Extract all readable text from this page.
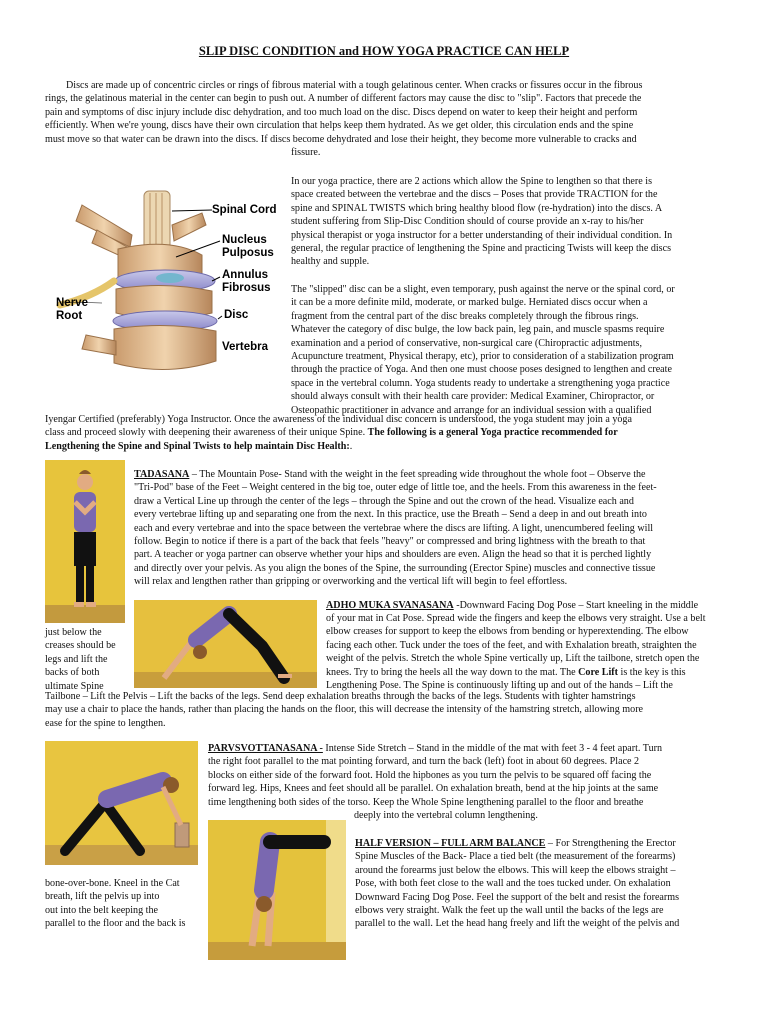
SLIP DISC CONDITION and HOW YOGA PRACTICE CAN HELP

Discs are made up of concentric circles or rings of fibrous material with a tough gelatinous center. When cracks or fissures occur in the fibrous

rings, the gelatinous material in the center can begin to push out. A number of different factors may cause the disc to "slip". Factors that precede the

pain and symptoms of disc injury include disc dehydration, and too much load on the disc. Discs depend on water to keep their height and perform

efficiently. When we're young, discs have their own circulation that helps keep them hydrated. As we get older, this circulation ends and the spine

must move so that water can be drawn into the discs. If discs become dehydrated and lose their height, they become more vulnerable to cracks and

fissure.

Spinal Cord
Nucleus
Pulposus
Annulus
Fibrosus
Nerve
Root	Disc
Vertebra

In our yoga practice, there are 2 actions which allow the Spine to lengthen so that there is

space created between the vertebrae and the discs – Poses that provide TRACTION for the

spine and SPINAL TWISTS which bring healthy blood flow (re-hydration) into the discs. A

student suffering from Slip-Disc Condition should of course provide an x-ray to his/her

physical therapist or yoga instructor for a better understanding of their individual condition. In

general, the regular practice of lengthening the Spine and practicing Twists will keep the discs

healthy and supple.

The "slipped" disc can be a slight, even temporary, push against the nerve or the spinal cord, or

it can be a more definite mild, moderate, or marked bulge. Herniated discs occur when a

fragment from the central part of the disc breaks completely through the fibrous rings.

Whatever the category of disc bulge, the low back pain, leg pain, and muscle spasms require

examination and a period of conservative, non-surgical care (Chiropractic adjustments,

Acupuncture treatment, Physical therapy, etc), prior to consideration of a stabilization program

through the practice of Yoga. And then one must choose poses designed to lengthen and create

space in the vertebral column. Yoga students ready to undertake a strengthening yoga practice

should always consult with their health care provider: Medical Examiner, Chiropractor, or

Osteopathic practitioner in advance and arrange for an individual session with a qualified

Iyengar Certified (preferably) Yoga Instructor. Once the awareness of the individual disc concern is understood, the yoga student may join a yoga

class and proceed slowly with deepening their awareness of their unique Spine. The following is a general Yoga practice recommended for

Lengthening the Spine and Spinal Twists to help maintain Disc Health:.

TADASANA – The Mountain Pose- Stand with the weight in the feet spreading wide throughout the whole foot – Observe the

"Tri-Pod" base of the Feet – Weight centered in the big toe, outer edge of little toe, and the heels. From this awareness in the feet-

draw a Vertical Line up through the center of the legs – through the Spine and out the crown of the head. Visualize each and

every vertebrae lifting up and separating one from the next. In this practice, use the Breath – Send a deep in and out breath into

each and every vertebrae and into the space between the vertebrae where the discs are lifting. A light, unencumbered feeling will

follow. Begin to notice if there is a part of the back that feels "heavy" or compressed and bring lightness with the breath to that

part. A teacher or yoga partner can observe whether your hips and shoulders are even. Align the head so that it is perched lightly

and directly over your pelvis. As you align the bones of the Spine, the surrounding (Erector Spine) muscles and connective tissue

will relax and lengthen rather than gripping or overworking and the vertical lift will begin to feel effortless.

ADHO MUKA SVANASANA -Downward Facing Dog Pose – Start kneeling in the middle

of your mat in Cat Pose. Spread wide the fingers and keep the elbows very straight. Use a belt

elbow creases for support to keep the elbows from bending or hyperextending. The elbow

facing each other. Tuck under the toes of the feet, and with Exhalation breath, straighten the

weight of the pelvis. Stretch the whole Spine vertically up, Lift the tailbone, stretch open the

knees. Try to bring the heels all the way down to the mat. The Core Lift is the key is this

Lengthening Pose. The Spine is continuously lifting up and out of the hands – Lift the

just below the

creases should be

legs and lift the

backs of both

ultimate Spine

Tailbone – Lift the Pelvis – Lift the backs of the legs. Send deep exhalation breaths through the backs of the legs. Students with tighter hamstrings

may use a chair to place the hands, rather than placing the hands on the floor, this will decrease the intensity of the hamstring stretch, allowing more

ease for the spine to lengthen.

PARVSVOTTANASANA - Intense Side Stretch – Stand in the middle of the mat with feet 3 - 4 feet apart. Turn

the right foot parallel to the mat pointing forward, and turn the back (left) foot in about 60 degrees. Place 2

blocks on either side of the forward foot. Hold the hipbones as you turn the pelvis to be squared off facing the

forward leg. Hips, Knees and feet should all be parallel. On exhalation breath, bend at the hip joints at the same

time lengthening both sides of the torso. Keep the Whole Spine lengthening parallel to the floor and breathe

deeply into the vertebral column lengthening.

HALF VERSION – FULL ARM BALANCE – For Strengthening the Erector

Spine Muscles of the Back- Place a tied belt (the measurement of the forearms)

around the forearms just below the elbows. This will keep the elbows straight –

Pose, with both feet close to the wall and the toes tucked under. On exhalation

Downward Facing Dog Pose. Feel the support of the belt and resist the forearms

elbows very straight. Walk the feet up the wall until the backs of the legs are

parallel to the wall. Let the head hang freely and lift the weight of the pelvis and

bone-over-bone. Kneel in the Cat

breath, lift the pelvis up into

out into the belt keeping the

parallel to the floor and the back is
